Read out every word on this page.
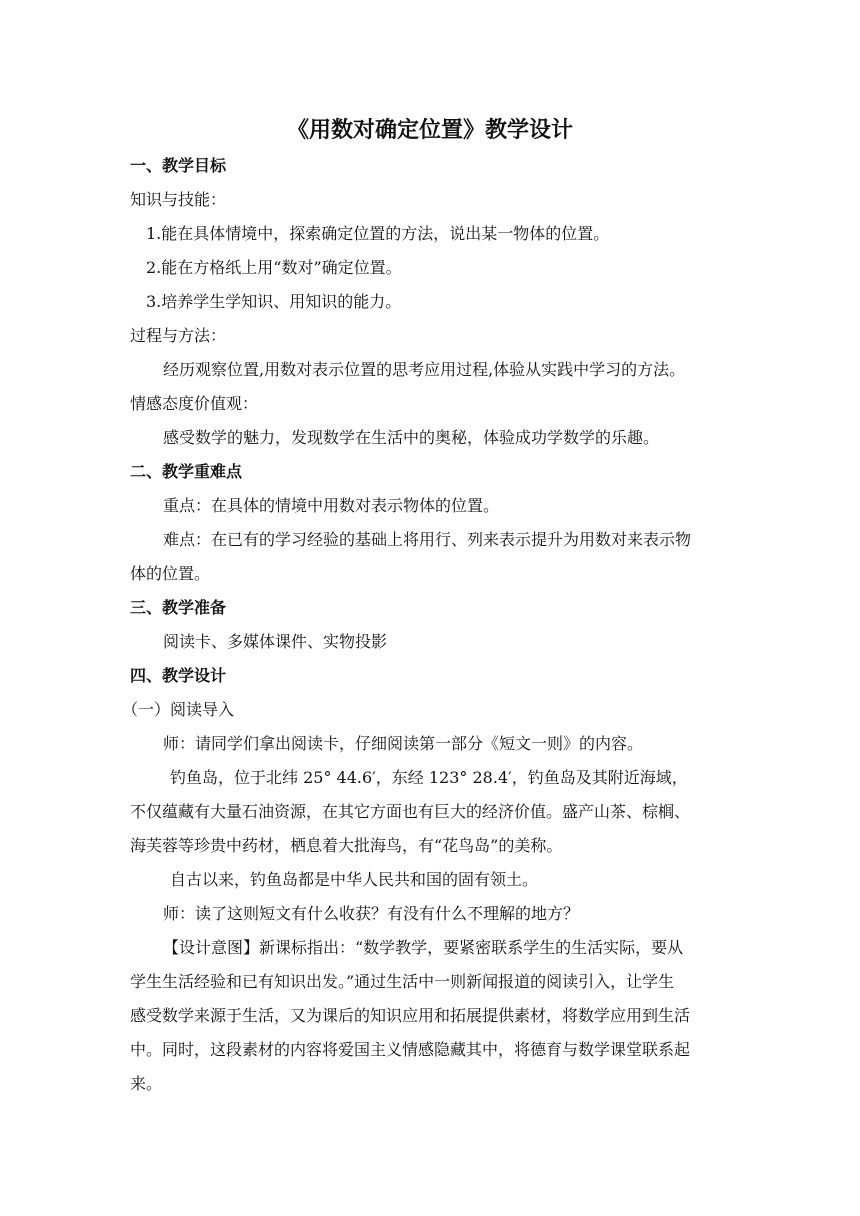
《用数对确定位置》教学设计
一、教学目标
知识与技能：
1.能在具体情境中，探索确定位置的方法，说出某一物体的位置。
2.能在方格纸上用“数对”确定位置。
3.培养学生学知识、用知识的能力。
过程与方法：
经历观察位置,用数对表示位置的思考应用过程,体验从实践中学习的方法。
情感态度价值观：
感受数学的魅力，发现数学在生活中的奥秘，体验成功学数学的乐趣。
二、教学重难点
重点：在具体的情境中用数对表示物体的位置。
难点：在已有的学习经验的基础上将用行、列来表示提升为用数对来表示物
体的位置。
三、教学准备
阅读卡、多媒体课件、实物投影
四、教学设计
（一）阅读导入
师：请同学们拿出阅读卡，仔细阅读第一部分《短文一则》的内容。
钓鱼岛，位于北纬 25° 44.6′，东经 123° 28.4′，钓鱼岛及其附近海域，
不仅蕴藏有大量石油资源，在其它方面也有巨大的经济价值。盛产山茶、棕榈、
海芙蓉等珍贵中药材，栖息着大批海鸟，有“花鸟岛”的美称。
自古以来，钓鱼岛都是中华人民共和国的固有领土。
师：读了这则短文有什么收获？有没有什么不理解的地方？
【设计意图】新课标指出：“数学教学，要紧密联系学生的生活实际，要从
学生生活经验和已有知识出发。”通过生活中一则新闻报道的阅读引入，让学生
感受数学来源于生活，又为课后的知识应用和拓展提供素材，将数学应用到生活
中。同时，这段素材的内容将爱国主义情感隐藏其中，将德育与数学课堂联系起
来。
